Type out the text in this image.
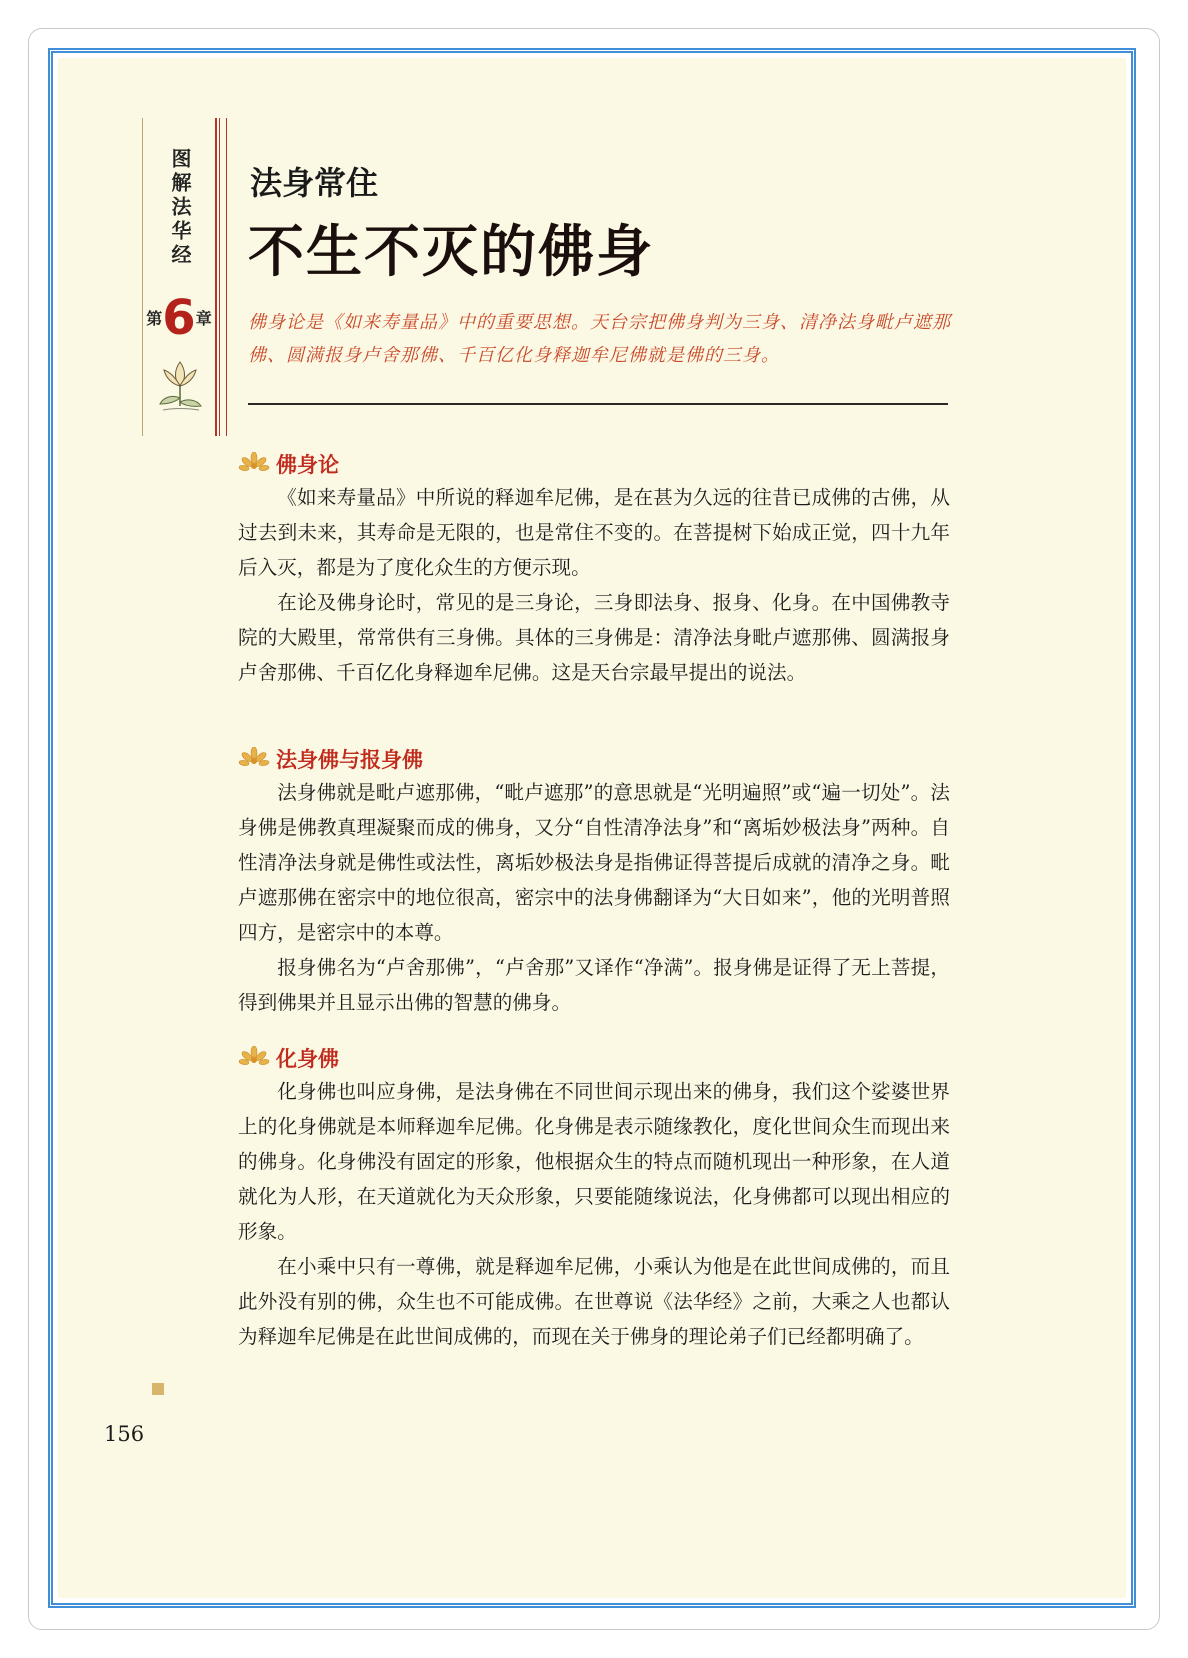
图解法华经
第6章
法身常住
不生不灭的佛身
佛身论是《如来寿量品》中的重要思想。天台宗把佛身判为三身、清净法身毗卢遮那佛、圆满报身卢舍那佛、千百亿化身释迦牟尼佛就是佛的三身。
佛身论

《如来寿量品》中所说的释迦牟尼佛，是在甚为久远的往昔已成佛的古佛，从过去到未来，其寿命是无限的，也是常住不变的。在菩提树下始成正觉，四十九年后入灭，都是为了度化众生的方便示现。

在论及佛身论时，常见的是三身论，三身即法身、报身、化身。在中国佛教寺院的大殿里，常常供有三身佛。具体的三身佛是：清净法身毗卢遮那佛、圆满报身卢舍那佛、千百亿化身释迦牟尼佛。这是天台宗最早提出的说法。

法身佛与报身佛

法身佛就是毗卢遮那佛，“毗卢遮那”的意思就是“光明遍照”或“遍一切处”。法身佛是佛教真理凝聚而成的佛身，又分“自性清净法身”和“离垢妙极法身”两种。自性清净法身就是佛性或法性，离垢妙极法身是指佛证得菩提后成就的清净之身。毗卢遮那佛在密宗中的地位很高，密宗中的法身佛翻译为“大日如来”，他的光明普照四方，是密宗中的本尊。

报身佛名为“卢舍那佛”，“卢舍那”又译作“净满”。报身佛是证得了无上菩提，得到佛果并且显示出佛的智慧的佛身。

化身佛

化身佛也叫应身佛，是法身佛在不同世间示现出来的佛身，我们这个娑婆世界上的化身佛就是本师释迦牟尼佛。化身佛是表示随缘教化，度化世间众生而现出来的佛身。化身佛没有固定的形象，他根据众生的特点而随机现出一种形象，在人道就化为人形，在天道就化为天众形象，只要能随缘说法，化身佛都可以现出相应的形象。

在小乘中只有一尊佛，就是释迦牟尼佛，小乘认为他是在此世间成佛的，而且此外没有别的佛，众生也不可能成佛。在世尊说《法华经》之前，大乘之人也都认为释迦牟尼佛是在此世间成佛的，而现在关于佛身的理论弟子们已经都明确了。

156
